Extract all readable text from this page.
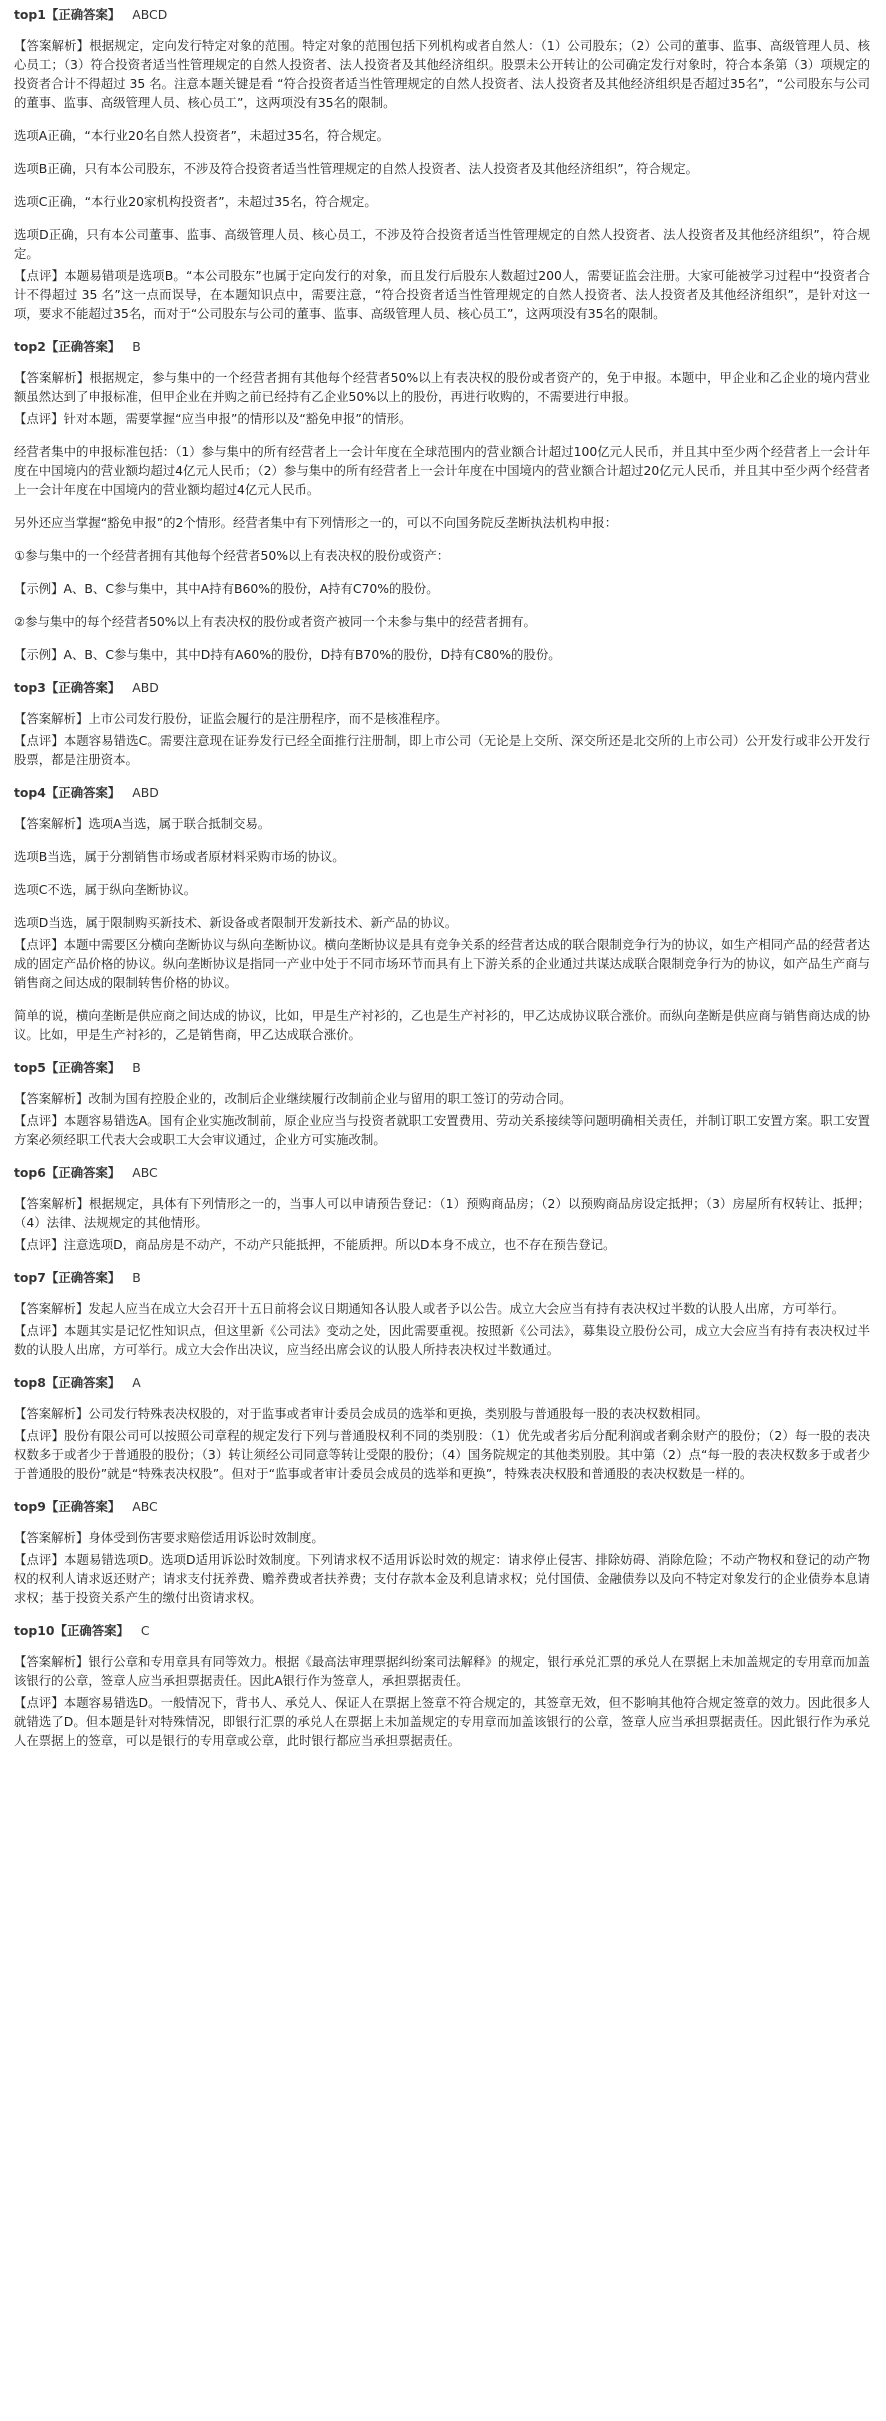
top1【正确答案】 ABCD
【答案解析】根据规定，定向发行特定对象的范围。特定对象的范围包括下列机构或者自然人：（1）公司股东；（2）公司的董事、监事、高级管理人员、核心员工；（3）符合投资者适当性管理规定的自然人投资者、法人投资者及其他经济组织。股票未公开转让的公司确定发行对象时，符合本条第（3）项规定的投资者合计不得超过 35 名。注意本题关键是看 “符合投资者适当性管理规定的自然人投资者、法人投资者及其他经济组织是否超过35名”，“公司股东与公司的董事、监事、高级管理人员、核心员工”，这两项没有35名的限制。
选项A正确，“本行业20名自然人投资者”，未超过35名，符合规定。
选项B正确，只有本公司股东，不涉及符合投资者适当性管理规定的自然人投资者、法人投资者及其他经济组织”，符合规定。
选项C正确，“本行业20家机构投资者”，未超过35名，符合规定。
选项D正确，只有本公司董事、监事、高级管理人员、核心员工，不涉及符合投资者适当性管理规定的自然人投资者、法人投资者及其他经济组织”，符合规定。
【点评】本题易错项是选项B。“本公司股东”也属于定向发行的对象，而且发行后股东人数超过200人，需要证监会注册。大家可能被学习过程中“投资者合计不得超过 35 名”这一点而误导，在本题知识点中，需要注意，“符合投资者适当性管理规定的自然人投资者、法人投资者及其他经济组织”，是针对这一项，要求不能超过35名，而对于“公司股东与公司的董事、监事、高级管理人员、核心员工”，这两项没有35名的限制。
top2【正确答案】 B
【答案解析】根据规定，参与集中的一个经营者拥有其他每个经营者50%以上有表决权的股份或者资产的，免于申报。本题中，甲企业和乙企业的境内营业额虽然达到了申报标准，但甲企业在并购之前已经持有乙企业50%以上的股份，再进行收购的，不需要进行申报。
【点评】针对本题，需要掌握“应当申报”的情形以及“豁免申报”的情形。
经营者集中的申报标准包括：（1）参与集中的所有经营者上一会计年度在全球范围内的营业额合计超过100亿元人民币，并且其中至少两个经营者上一会计年度在中国境内的营业额均超过4亿元人民币；（2）参与集中的所有经营者上一会计年度在中国境内的营业额合计超过20亿元人民币，并且其中至少两个经营者上一会计年度在中国境内的营业额均超过4亿元人民币。
另外还应当掌握“豁免申报”的2个情形。经营者集中有下列情形之一的，可以不向国务院反垄断执法机构申报：
①参与集中的一个经营者拥有其他每个经营者50%以上有表决权的股份或资产：
【示例】A、B、C参与集中，其中A持有B60%的股份，A持有C70%的股份。
②参与集中的每个经营者50%以上有表决权的股份或者资产被同一个未参与集中的经营者拥有。
【示例】A、B、C参与集中，其中D持有A60%的股份，D持有B70%的股份，D持有C80%的股份。
top3【正确答案】 ABD
【答案解析】上市公司发行股份，证监会履行的是注册程序，而不是核准程序。
【点评】本题容易错选C。需要注意现在证券发行已经全面推行注册制，即上市公司（无论是上交所、深交所还是北交所的上市公司）公开发行或非公开发行股票，都是注册资本。
top4【正确答案】 ABD
【答案解析】选项A当选，属于联合抵制交易。
选项B当选，属于分割销售市场或者原材料采购市场的协议。
选项C不选，属于纵向垄断协议。
选项D当选，属于限制购买新技术、新设备或者限制开发新技术、新产品的协议。
【点评】本题中需要区分横向垄断协议与纵向垄断协议。横向垄断协议是具有竞争关系的经营者达成的联合限制竞争行为的协议，如生产相同产品的经营者达成的固定产品价格的协议。纵向垄断协议是指同一产业中处于不同市场环节而具有上下游关系的企业通过共谋达成联合限制竞争行为的协议，如产品生产商与销售商之间达成的限制转售价格的协议。
简单的说，横向垄断是供应商之间达成的协议，比如，甲是生产衬衫的，乙也是生产衬衫的，甲乙达成协议联合涨价。而纵向垄断是供应商与销售商达成的协议。比如，甲是生产衬衫的，乙是销售商，甲乙达成联合涨价。
top5【正确答案】 B
【答案解析】改制为国有控股企业的，改制后企业继续履行改制前企业与留用的职工签订的劳动合同。
【点评】本题容易错选A。国有企业实施改制前，原企业应当与投资者就职工安置费用、劳动关系接续等问题明确相关责任，并制订职工安置方案。职工安置方案必须经职工代表大会或职工大会审议通过，企业方可实施改制。
top6【正确答案】 ABC
【答案解析】根据规定，具体有下列情形之一的，当事人可以申请预告登记：（1）预购商品房；（2）以预购商品房设定抵押；（3）房屋所有权转让、抵押；（4）法律、法规规定的其他情形。
【点评】注意选项D，商品房是不动产，不动产只能抵押，不能质押。所以D本身不成立，也不存在预告登记。
top7【正确答案】 B
【答案解析】发起人应当在成立大会召开十五日前将会议日期通知各认股人或者予以公告。成立大会应当有持有表决权过半数的认股人出席，方可举行。
【点评】本题其实是记忆性知识点，但这里新《公司法》变动之处，因此需要重视。按照新《公司法》，募集设立股份公司，成立大会应当有持有表决权过半数的认股人出席，方可举行。成立大会作出决议，应当经出席会议的认股人所持表决权过半数通过。
top8【正确答案】 A
【答案解析】公司发行特殊表决权股的，对于监事或者审计委员会成员的选举和更换，类别股与普通股每一股的表决权数相同。
【点评】股份有限公司可以按照公司章程的规定发行下列与普通股权利不同的类别股：（1）优先或者劣后分配利润或者剩余财产的股份；（2）每一股的表决权数多于或者少于普通股的股份；（3）转让须经公司同意等转让受限的股份；（4）国务院规定的其他类别股。其中第（2）点“每一股的表决权数多于或者少于普通股的股份”就是“特殊表决权股”。但对于“监事或者审计委员会成员的选举和更换”，特殊表决权股和普通股的表决权数是一样的。
top9【正确答案】 ABC
【答案解析】身体受到伤害要求赔偿适用诉讼时效制度。
【点评】本题易错选项D。选项D适用诉讼时效制度。下列请求权不适用诉讼时效的规定：请求停止侵害、排除妨碍、消除危险；不动产物权和登记的动产物权的权利人请求返还财产；请求支付抚养费、赡养费或者扶养费；支付存款本金及利息请求权；兑付国债、金融债券以及向不特定对象发行的企业债券本息请求权；基于投资关系产生的缴付出资请求权。
top10【正确答案】 C
【答案解析】银行公章和专用章具有同等效力。根据《最高法审理票据纠纷案司法解释》的规定，银行承兑汇票的承兑人在票据上未加盖规定的专用章而加盖该银行的公章，签章人应当承担票据责任。因此A银行作为签章人，承担票据责任。
【点评】本题容易错选D。一般情况下，背书人、承兑人、保证人在票据上签章不符合规定的，其签章无效，但不影响其他符合规定签章的效力。因此很多人就错选了D。但本题是针对特殊情况，即银行汇票的承兑人在票据上未加盖规定的专用章而加盖该银行的公章，签章人应当承担票据责任。因此银行作为承兑人在票据上的签章，可以是银行的专用章或公章，此时银行都应当承担票据责任。
